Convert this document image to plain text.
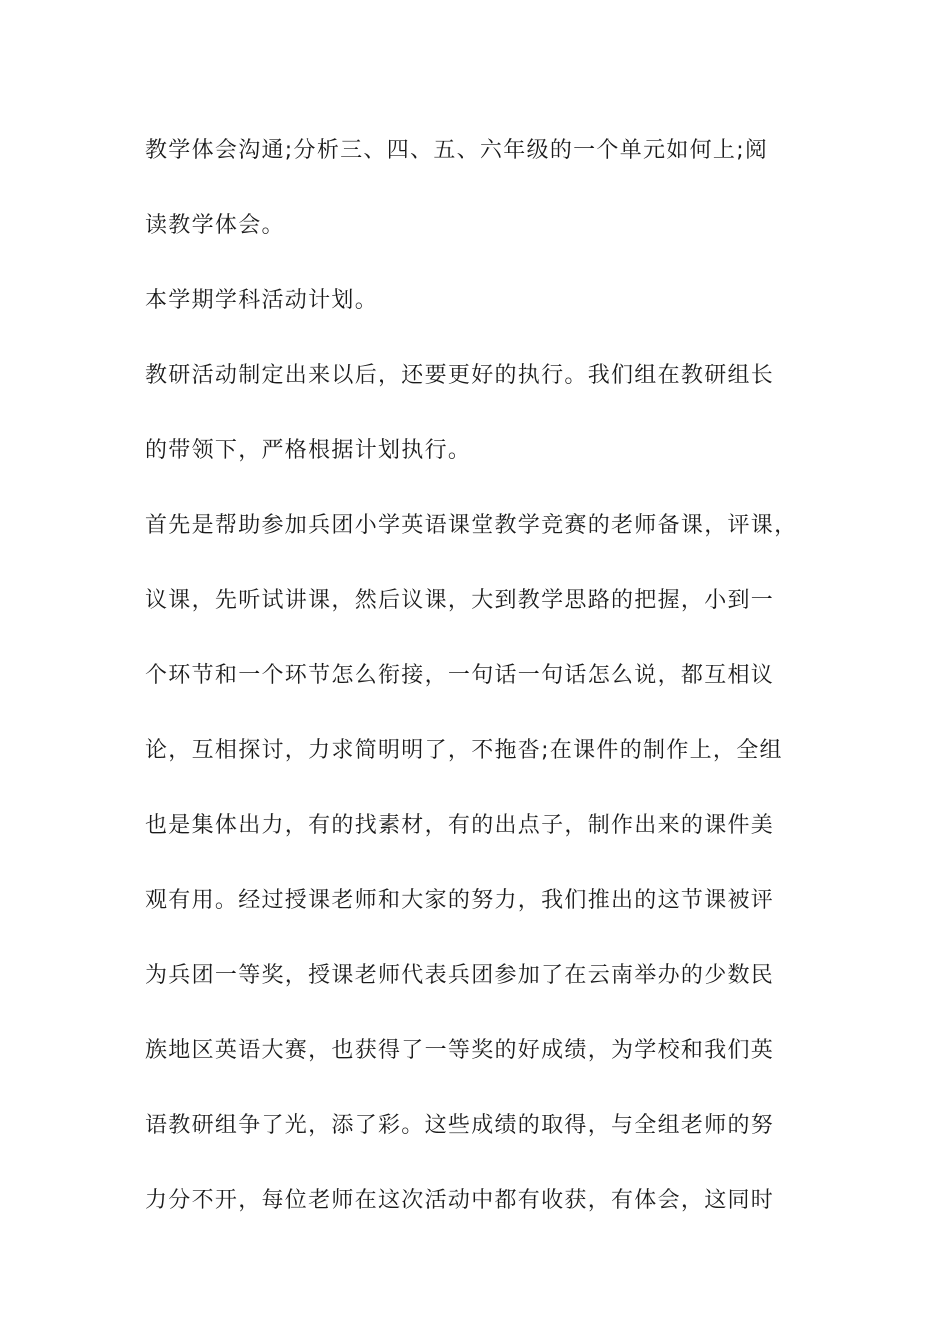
教学体会沟通;分析三、四、五、六年级的一个单元如何上;阅
读教学体会。
本学期学科活动计划。
教研活动制定出来以后，还要更好的执行。我们组在教研组长
的带领下，严格根据计划执行。
首先是帮助参加兵团小学英语课堂教学竞赛的老师备课，评课，
议课，先听试讲课，然后议课，大到教学思路的把握，小到一
个环节和一个环节怎么衔接，一句话一句话怎么说，都互相议
论，互相探讨，力求简明明了，不拖沓;在课件的制作上，全组
也是集体出力，有的找素材，有的出点子，制作出来的课件美
观有用。经过授课老师和大家的努力，我们推出的这节课被评
为兵团一等奖，授课老师代表兵团参加了在云南举办的少数民
族地区英语大赛，也获得了一等奖的好成绩，为学校和我们英
语教研组争了光，添了彩。这些成绩的取得，与全组老师的努
力分不开，每位老师在这次活动中都有收获，有体会，这同时
